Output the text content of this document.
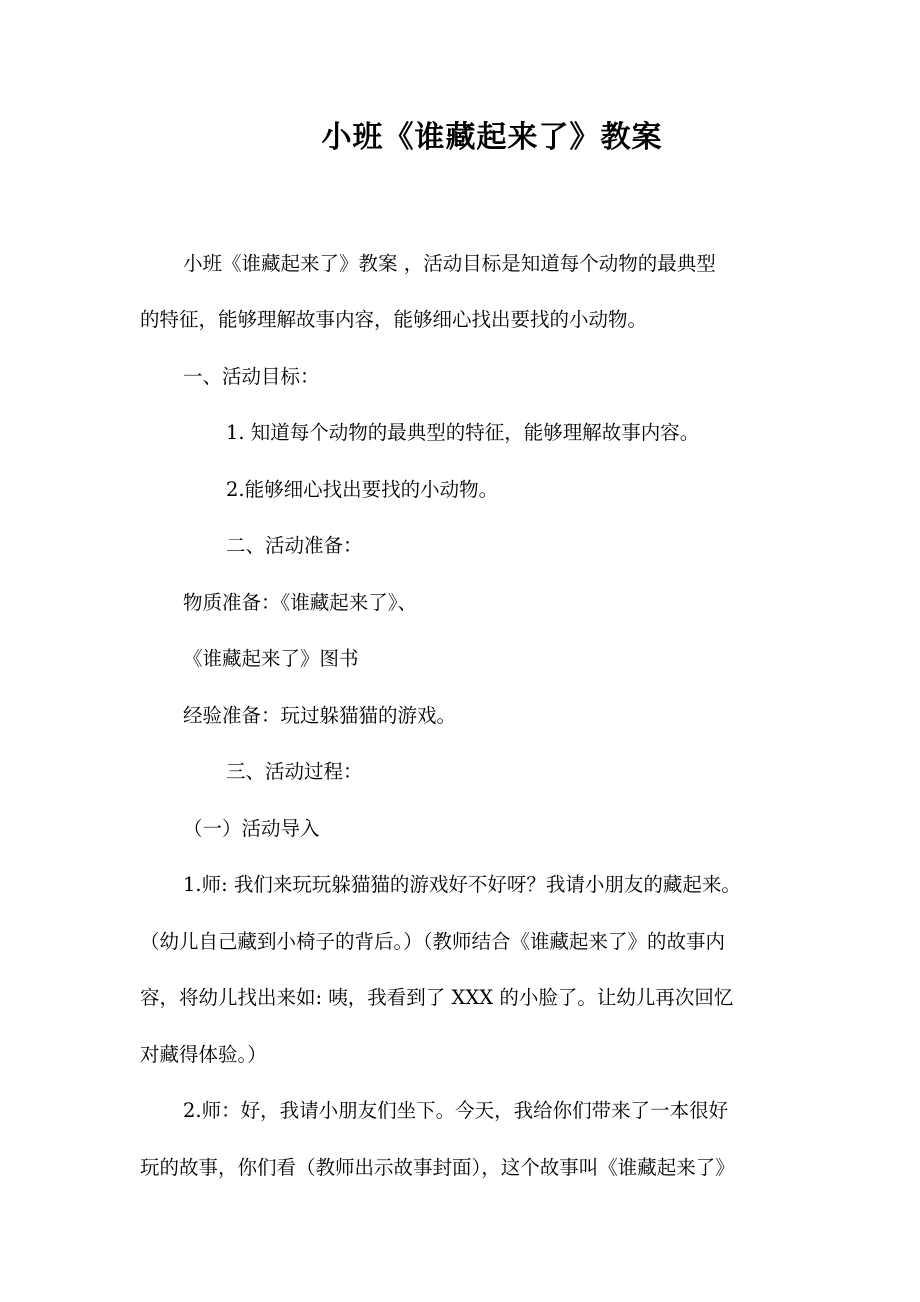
小班《谁藏起来了》教案
小班《谁藏起来了》教案 ，活动目标是知道每个动物的最典型
的特征，能够理解故事内容，能够细心找出要找的小动物。
一、活动目标：
1. 知道每个动物的最典型的特征，能够理解故事内容。
2.能够细心找出要找的小动物。
二、活动准备：
物质准备：《谁藏起来了》、
《谁藏起来了》图书
经验准备：玩过躲猫猫的游戏。
三、活动过程：
（一）活动导入
1.师: 我们来玩玩躲猫猫的游戏好不好呀？我请小朋友的藏起来。
（幼儿自己藏到小椅子的背后。）（教师结合《谁藏起来了》的故事内
容，将幼儿找出来如: 咦，我看到了 XXX 的小脸了。让幼儿再次回忆
对藏得体验。）
2.师：好，我请小朋友们坐下。今天，我给你们带来了一本很好
玩的故事，你们看（教师出示故事封面），这个故事叫《谁藏起来了》
